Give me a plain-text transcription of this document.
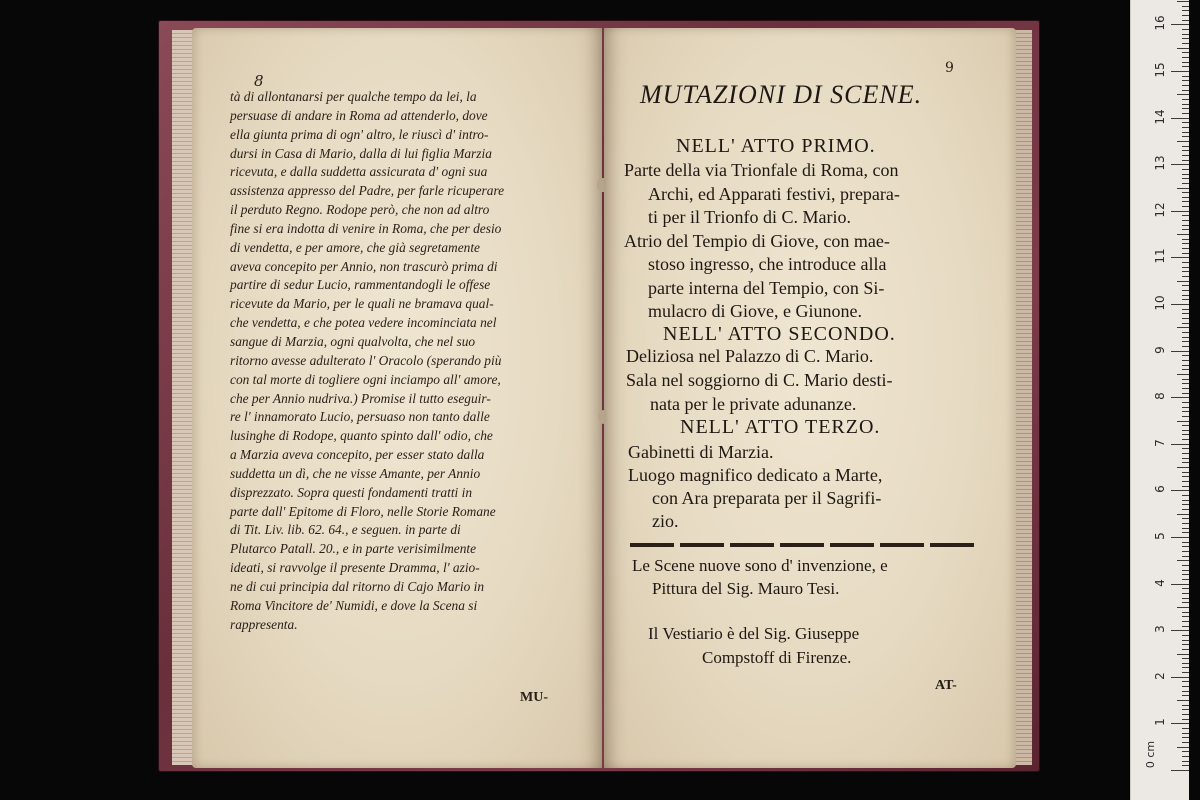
8
tà di allontanarsi per qualche tempo da lei, la
persuase di andare in Roma ad attenderlo, dove
ella giunta prima di ogn' altro, le riuscì d' intro-
dursi in Casa di Mario, dalla di lui figlia Marzia
ricevuta, e dalla suddetta assicurata d' ogni sua
assistenza appresso del Padre, per farle ricuperare
il perduto Regno. Rodope però, che non ad altro
fine si era indotta di venire in Roma, che per desio
di vendetta, e per amore, che già segretamente
aveva concepito per Annio, non trascurò prima di
partire di sedur Lucio, rammentandogli le offese
ricevute da Mario, per le quali ne bramava qual-
che vendetta, e che potea vedere incominciata nel
sangue di Marzia, ogni qualvolta, che nel suo
ritorno avesse adulterato l' Oracolo (sperando più
con tal morte di togliere ogni inciampo all' amore,
che per Annio nudriva.) Promise il tutto eseguir-
re l' innamorato Lucio, persuaso non tanto dalle
lusinghe di Rodope, quanto spinto dall' odio, che
a Marzia aveva concepito, per esser stato dalla
suddetta un dì, che ne visse Amante, per Annio
disprezzato. Sopra questi fondamenti tratti in
parte dall' Epitome di Floro, nelle Storie Romane
di Tit. Liv. lib. 62. 64., e seguen. in parte di
Plutarco Patall. 20., e in parte verisimilmente
ideati, si ravvolge il presente Dramma, l' azio-
ne di cui principia dal ritorno di Cajo Mario in
Roma Vincitore de' Numidi, e dove la Scena si
rappresenta.
MU-
9
MUTAZIONI DI SCENE.
NELL' ATTO PRIMO.
Parte della via Trionfale di Roma, con
Archi, ed Apparati festivi, prepara-
ti per il Trionfo di C. Mario.
Atrio del Tempio di Giove, con mae-
stoso ingresso, che introduce alla
parte interna del Tempio, con Si-
mulacro di Giove, e Giunone.
NELL' ATTO SECONDO.
Deliziosa nel Palazzo di C. Mario.
Sala nel soggiorno di C. Mario desti-
nata per le private adunanze.
NELL' ATTO TERZO.
Gabinetti di Marzia.
Luogo magnifico dedicato a Marte,
con Ara preparata per il Sagrifi-
zio.
Le Scene nuove sono d' invenzione, e
Pittura del Sig. Mauro Tesi.
Il Vestiario è del Sig. Giuseppe
Compstoff di Firenze.
AT-
0 cm
1
2
3
4
5
6
7
8
9
10
11
12
13
14
15
16
